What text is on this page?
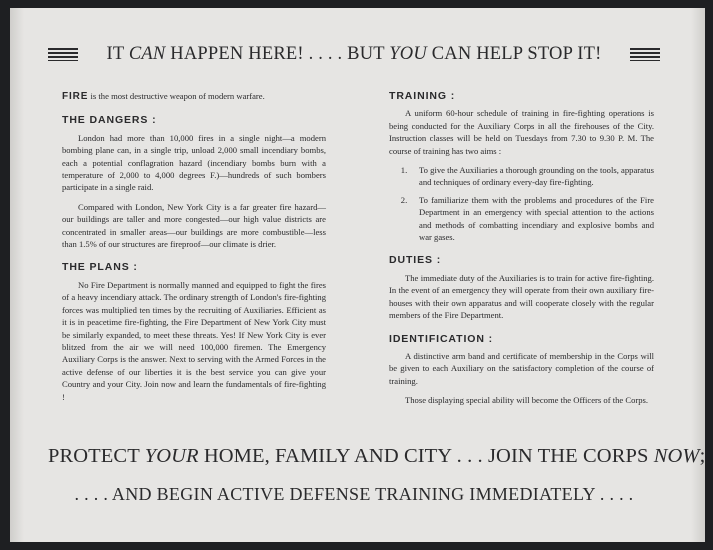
IT CAN HAPPEN HERE! . . . . BUT YOU CAN HELP STOP IT!

FIRE is the most destructive weapon of modern warfare.

THE DANGERS :

London had more than 10,000 fires in a single night—a modern bombing plane can, in a single trip, unload 2,000 small incendiary bombs, each a potential conflagration hazard (incendiary bombs burn with a temperature of 2,000 to 4,000 degrees F.)—hundreds of such bombers participate in a single raid.

Compared with London, New York City is a far greater fire hazard—our buildings are taller and more congested—our high value districts are concentrated in smaller areas—our buildings are more combustible—less than 1.5% of our structures are fireproof—our climate is drier.

THE PLANS :

No Fire Department is normally manned and equipped to fight the fires of a heavy incendiary attack. The ordinary strength of London's fire-fighting forces was multiplied ten times by the recruiting of Auxiliaries. Efficient as it is in peacetime fire-fighting, the Fire Department of New York City must be similarly expanded, to meet these threats. Yes! If New York City is ever blitzed from the air we will need 100,000 firemen. The Emergency Auxiliary Corps is the answer. Next to serving with the Armed Forces in the active defense of our liberties it is the best service you can give your Country and your City. Join now and learn the fundamentals of fire-fighting !

TRAINING :

A uniform 60-hour schedule of training in fire-fighting operations is being conducted for the Auxiliary Corps in all the firehouses of the City. Instruction classes will be held on Tuesdays from 7.30 to 9.30 P. M. The course of training has two aims :

1.	To give the Auxiliaries a thorough grounding on the tools, apparatus and techniques of ordinary every-day fire-fighting.
2.	To familiarize them with the problems and procedures of the Fire Department in an emergency with special attention to the actions and methods of combatting incendiary and explosive bombs and war gases.
DUTIES :

The immediate duty of the Auxiliaries is to train for active fire-fighting. In the event of an emergency they will operate from their own auxiliary fire-houses with their own apparatus and will cooperate closely with the regular members of the Fire Department.

IDENTIFICATION :

A distinctive arm band and certificate of membership in the Corps will be given to each Auxiliary on the satisfactory completion of the course of training.

Those displaying special ability will become the Officers of the Corps.

PROTECT YOUR HOME, FAMILY AND CITY . . . JOIN THE CORPS NOW;
. . . . AND BEGIN ACTIVE DEFENSE TRAINING IMMEDIATELY . . . .
